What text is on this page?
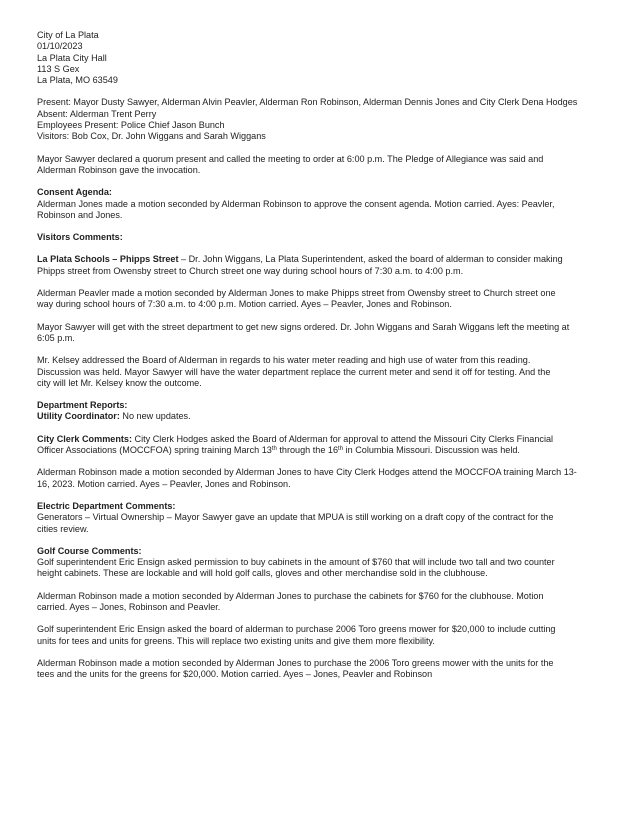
City of La Plata
01/10/2023
La Plata City Hall
113 S Gex
La Plata, MO 63549
Present: Mayor Dusty Sawyer, Alderman Alvin Peavler, Alderman Ron Robinson, Alderman Dennis Jones and City Clerk Dena Hodges
Absent: Alderman Trent Perry
Employees Present: Police Chief Jason Bunch
Visitors: Bob Cox, Dr. John Wiggans and Sarah Wiggans
Mayor Sawyer declared a quorum present and called the meeting to order at 6:00 p.m. The Pledge of Allegiance was said and
Alderman Robinson gave the invocation.
Consent Agenda:
Alderman Jones made a motion seconded by Alderman Robinson to approve the consent agenda. Motion carried. Ayes: Peavler,
Robinson and Jones.
Visitors Comments:
La Plata Schools – Phipps Street – Dr. John Wiggans, La Plata Superintendent, asked the board of alderman to consider making
Phipps street from Owensby street to Church street one way during school hours of 7:30 a.m. to 4:00 p.m.
Alderman Peavler made a motion seconded by Alderman Jones to make Phipps street from Owensby street to Church street one
way during school hours of 7:30 a.m. to 4:00 p.m. Motion carried. Ayes – Peavler, Jones and Robinson.
Mayor Sawyer will get with the street department to get new signs ordered. Dr. John Wiggans and Sarah Wiggans left the meeting at
6:05 p.m.
Mr. Kelsey addressed the Board of Alderman in regards to his water meter reading and high use of water from this reading.
Discussion was held. Mayor Sawyer will have the water department replace the current meter and send it off for testing. And the
city will let Mr. Kelsey know the outcome.
Department Reports:
Utility Coordinator: No new updates.
City Clerk Comments: City Clerk Hodges asked the Board of Alderman for approval to attend the Missouri City Clerks Financial
Officer Associations (MOCCFOA) spring training March 13th through the 16th in Columbia Missouri. Discussion was held.
Alderman Robinson made a motion seconded by Alderman Jones to have City Clerk Hodges attend the MOCCFOA training March 13-
16, 2023. Motion carried. Ayes – Peavler, Jones and Robinson.
Electric Department Comments:
Generators – Virtual Ownership – Mayor Sawyer gave an update that MPUA is still working on a draft copy of the contract for the
cities review.
Golf Course Comments:
Golf superintendent Eric Ensign asked permission to buy cabinets in the amount of $760 that will include two tall and two counter
height cabinets. These are lockable and will hold golf calls, gloves and other merchandise sold in the clubhouse.
Alderman Robinson made a motion seconded by Alderman Jones to purchase the cabinets for $760 for the clubhouse. Motion
carried. Ayes – Jones, Robinson and Peavler.
Golf superintendent Eric Ensign asked the board of alderman to purchase 2006 Toro greens mower for $20,000 to include cutting
units for tees and units for greens. This will replace two existing units and give them more flexibility.
Alderman Robinson made a motion seconded by Alderman Jones to purchase the 2006 Toro greens mower with the units for the
tees and the units for the greens for $20,000. Motion carried. Ayes – Jones, Peavler and Robinson
